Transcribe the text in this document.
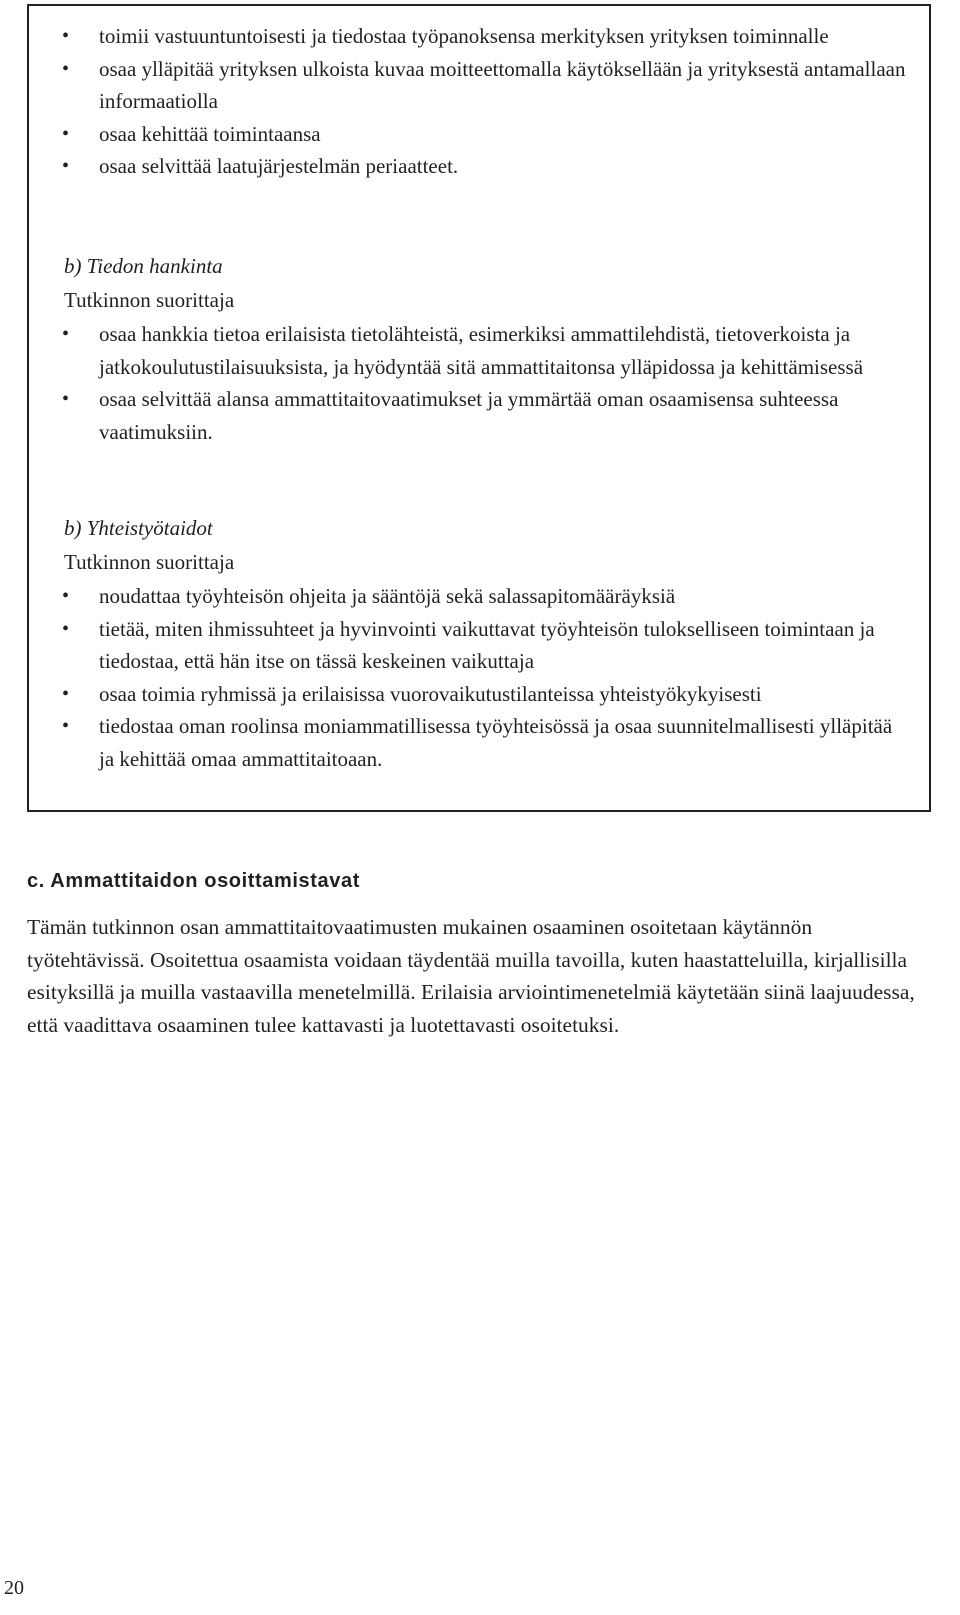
• toimii vastuuntuntoisesti ja tiedostaa työpanoksensa merkityksen yrityksen toiminnalle
• osaa ylläpitää yrityksen ulkoista kuvaa moitteettomalla käytöksellään ja yrityksestä antamallaan informaatiolla
• osaa kehittää toimintaansa
• osaa selvittää laatujärjestelmän periaatteet.
b) Tiedon hankinta
Tutkinnon suorittaja
• osaa hankkia tietoa erilaisista tietolähteistä, esimerkiksi ammattilehdistä, tietoverkoista ja jatkokoulutustilaisuuksista, ja hyödyntää sitä ammattitaitonsa ylläpidossa ja kehittämisessä
• osaa selvittää alansa ammattitaitovaatimukset ja ymmärtää oman osaamisensa suhteessa vaatimuksiin.
b) Yhteistyötaidot
Tutkinnon suorittaja
• noudattaa työyhteisön ohjeita ja sääntöjä sekä salassapitomääräyksiä
• tietää, miten ihmissuhteet ja hyvinvointi vaikuttavat työyhteisön tulokselliseen toimintaan ja tiedostaa, että hän itse on tässä keskeinen vaikuttaja
• osaa toimia ryhmissä ja erilaisissa vuorovaikutustilanteissa yhteistyökykyisesti
• tiedostaa oman roolinsa moniammatillisessa työyhteisössä ja osaa suunnitelmallisesti ylläpitää ja kehittää omaa ammattitaitoaan.
c. Ammattitaidon osoittamistavat

Tämän tutkinnon osan ammattitaitovaatimusten mukainen osaaminen osoitetaan käytännön työtehtävissä. Osoitettua osaamista voidaan täydentää muilla tavoilla, kuten haastatteluilla, kirjallisilla esityksillä ja muilla vastaavilla menetelmillä. Erilaisia arviointimenetelmiä käytetään siinä laajuudessa, että vaadittava osaaminen tulee kattavasti ja luotettavasti osoitetuksi.

20
